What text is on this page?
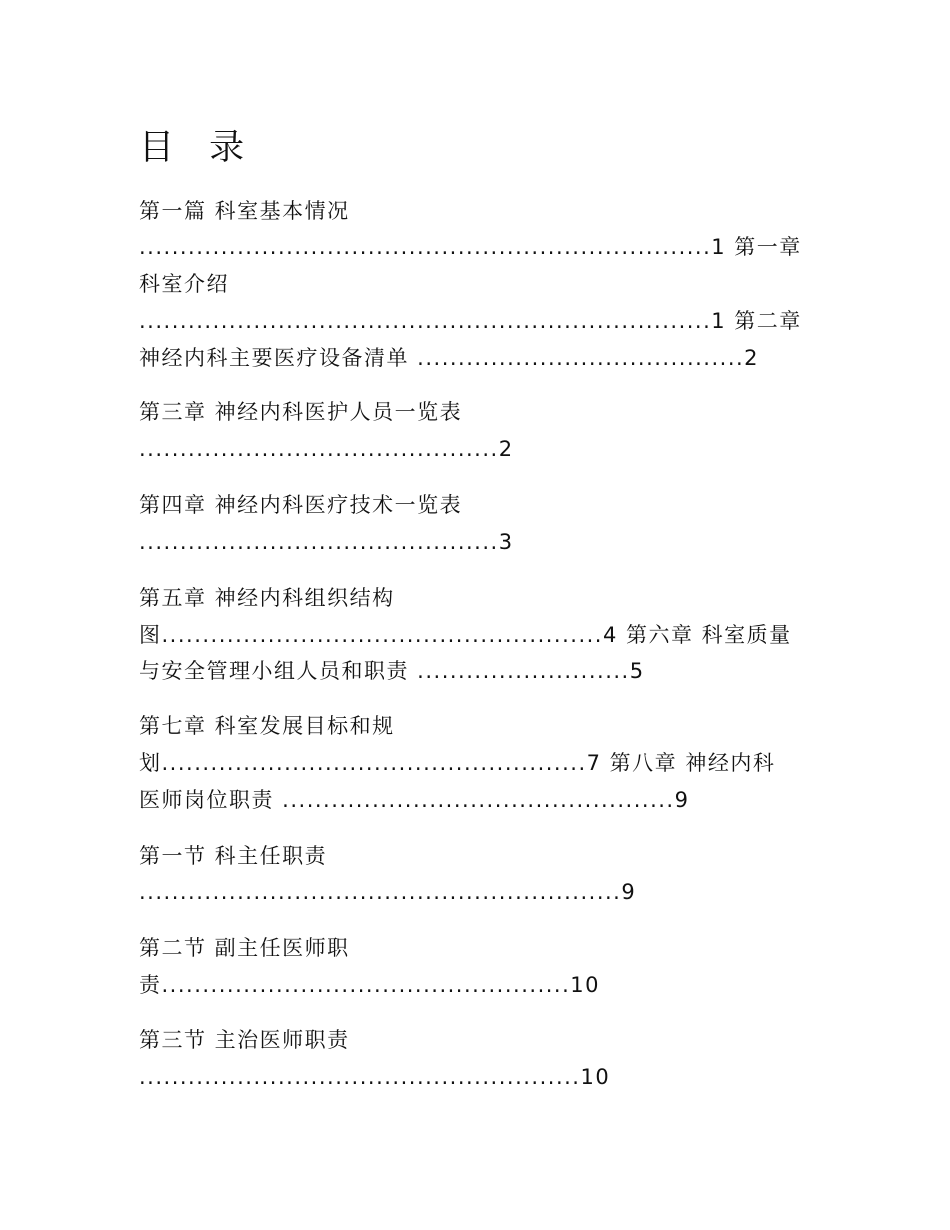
目 录
第一篇 科室基本情况
......................................................................1 第一章
科室介绍
......................................................................1 第二章
神经内科主要医疗设备清单 ........................................2
第三章 神经内科医护人员一览表
............................................2
第四章 神经内科医疗技术一览表
............................................3
第五章 神经内科组织结构
图......................................................4 第六章 科室质量
与安全管理小组人员和职责 ..........................5
第七章 科室发展目标和规
划....................................................7 第八章 神经内科
医师岗位职责 ................................................9
第一节 科主任职责
...........................................................9
第二节 副主任医师职
责..................................................10
第三节 主治医师职责
......................................................10
